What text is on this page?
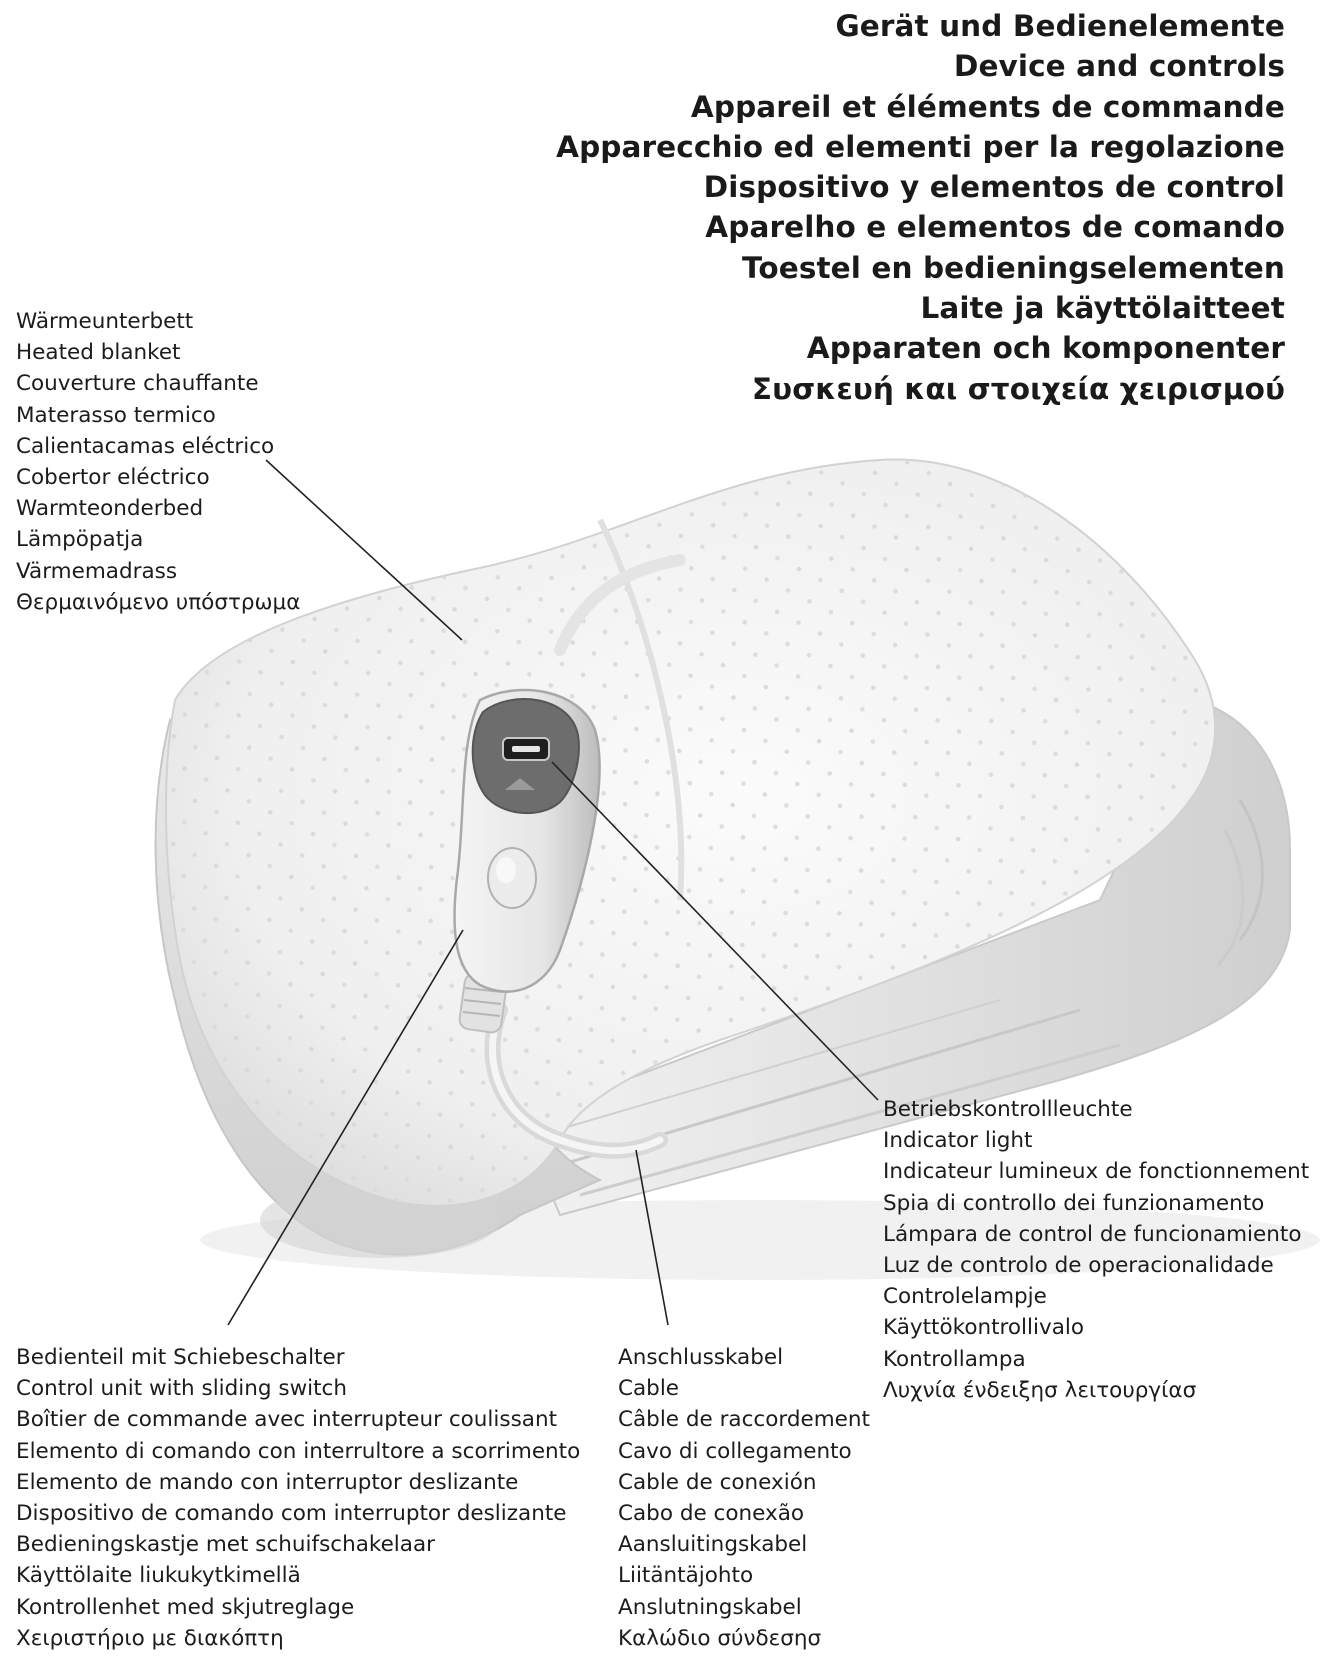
Gerät und Bedienelemente
Device and controls
Appareil et éléments de commande
Apparecchio ed elementi per la regolazione
Dispositivo y elementos de control
Aparelho e elementos de comando
Toestel en bedieningselementen
Laite ja käyttölaitteet
Apparaten och komponenter
Συσκευή και στοιχεία χειρισμού
Wärmeunterbett
Heated blanket
Couverture chauffante
Materasso termico
Calientacamas eléctrico
Cobertor eléctrico
Warmteonderbed
Lämpöpatja
Värmemadrass
Θερμαινόμενο υπόστρωμα
Betriebskontrollleuchte
Indicator light
Indicateur lumineux de fonctionnement
Spia di controllo dei funzionamento
Lámpara de control de funcionamiento
Luz de controlo de operacionalidade
Controlelampje
Käyttökontrollivalo
Kontrollampa
Λυχνία ένδειξησ λειτουργίασ
Bedienteil mit Schiebeschalter
Control unit with sliding switch
Boîtier de commande avec interrupteur coulissant
Elemento di comando con interrultore a scorrimento
Elemento de mando con interruptor deslizante
Dispositivo de comando com interruptor deslizante
Bedieningskastje met schuifschakelaar
Käyttölaite liukukytkimellä
Kontrollenhet med skjutreglage
Χειριστήριο με διακόπτη
Anschlusskabel
Cable
Câble de raccordement
Cavo di collegamento
Cable de conexión
Cabo de conexão
Aansluitingskabel
Liitäntäjohto
Anslutningskabel
Καλώδιο σύνδεσησ
